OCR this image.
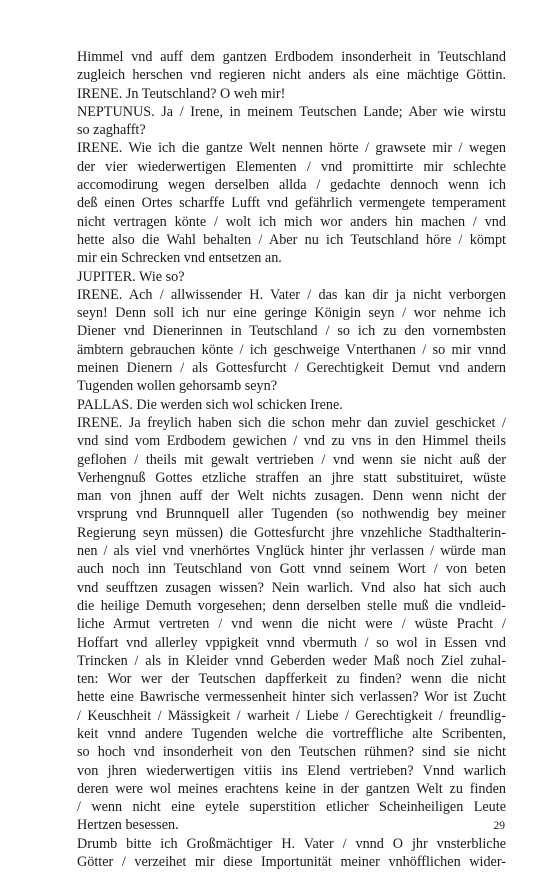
Himmel vnd auff dem gantzen Erdbodem insonderheit in Teutschland
zugleich herschen vnd regieren nicht anders als eine mächtige Göttin.
IRENE. Jn Teutschland? O weh mir!
NEPTUNUS. Ja / Irene, in meinem Teutschen Lande; Aber wie wirstu
so zaghafft?
IRENE. Wie ich die gantze Welt nennen hörte / grawsete mir / wegen
der vier wiederwertigen Elementen / vnd promittirte mir schlechte
accomodirung wegen derselben allda / gedachte dennoch wenn ich
deß einen Ortes scharffe Lufft vnd gefährlich vermengete temperament
nicht vertragen könte / wolt ich mich wor anders hin machen / vnd
hette also die Wahl behalten / Aber nu ich Teutschland höre / kömpt
mir ein Schrecken vnd entsetzen an.
JUPITER. Wie so?
IRENE. Ach / allwissender H. Vater / das kan dir ja nicht verborgen
seyn! Denn soll ich nur eine geringe Königin seyn / wor nehme ich
Diener vnd Dienerinnen in Teutschland / so ich zu den vornembsten
ämbtern gebrauchen könte / ich geschweige Vnterthanen / so mir vnnd
meinen Dienern / als Gottesfurcht / Gerechtigkeit Demut vnd andern
Tugenden wollen gehorsamb seyn?
PALLAS. Die werden sich wol schicken Irene.
IRENE. Ja freylich haben sich die schon mehr dan zuviel geschicket /
vnd sind vom Erdbodem gewichen / vnd zu vns in den Himmel theils
geflohen / theils mit gewalt vertrieben / vnd wenn sie nicht auß der
Verhengnuß Gottes etzliche straffen an jhre statt substituiret, wüste
man von jhnen auff der Welt nichts zusagen. Denn wenn nicht der
vrsprung vnd Brunnquell aller Tugenden (so nothwendig bey meiner
Regierung seyn müssen) die Gottesfurcht jhre vnzehliche Stadthalterin-
nen / als viel vnd vnerhörtes Vnglück hinter jhr verlassen / würde man
auch noch inn Teutschland von Gott vnnd seinem Wort / von beten
vnd seufftzen zusagen wissen? Nein warlich. Vnd also hat sich auch
die heilige Demuth vorgesehen; denn derselben stelle muß die vndleid-
liche Armut vertreten / vnd wenn die nicht were / wüste Pracht /
Hoffart vnd allerley vppigkeit vnnd vbermuth / so wol in Essen vnd
Trincken / als in Kleider vnnd Geberden weder Maß noch Ziel zuhal-
ten: Wor wer der Teutschen dapfferkeit zu finden? wenn die nicht
hette eine Bawrische vermessenheit hinter sich verlassen? Wor ist Zucht
/ Keuschheit / Mässigkeit / warheit / Liebe / Gerechtigkeit / freundlig-
keit vnnd andere Tugenden welche die vortreffliche alte Scribenten,
so hoch vnd insonderheit von den Teutschen rühmen? sind sie nicht
von jhren wiederwertigen vitiis ins Elend vertrieben? Vnnd warlich
deren were wol meines erachtens keine in der gantzen Welt zu finden
/ wenn nicht eine eytele superstition etlicher Scheinheiligen Leute
Hertzen besessen.
Drumb bitte ich Großmächtiger H. Vater / vnnd O jhr vnsterbliche
Götter / verzeihet mir diese Importunität meiner vnhöfflichen wider-
29
